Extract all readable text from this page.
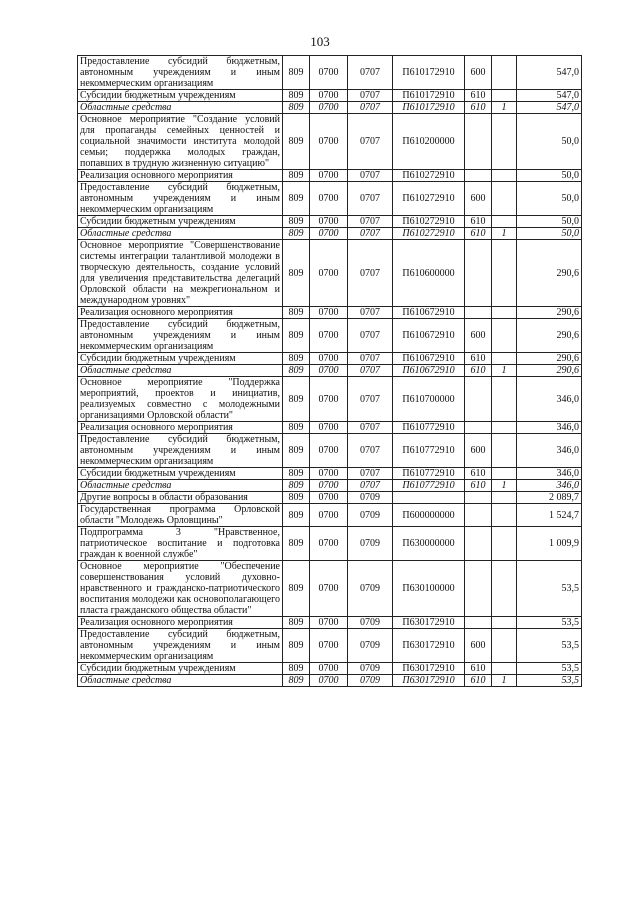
103
Предоставление субсидий бюджетным, автономным учреждениям и иным некоммерческим организациям	809	0700	0707	П610172910	600		547,0
Субсидии бюджетным учреждениям	809	0700	0707	П610172910	610		547,0
Областные средства	809	0700	0707	П610172910	610	1	547,0
Основное мероприятие "Создание условий для пропаганды семейных ценностей и социальной значимости института молодой семьи; поддержка молодых граждан, попавших в трудную жизненную ситуацию"	809	0700	0707	П610200000			50,0
Реализация основного мероприятия	809	0700	0707	П610272910			50,0
Предоставление субсидий бюджетным, автономным учреждениям и иным некоммерческим организациям	809	0700	0707	П610272910	600		50,0
Субсидии бюджетным учреждениям	809	0700	0707	П610272910	610		50,0
Областные средства	809	0700	0707	П610272910	610	1	50,0
Основное мероприятие "Совершенствование системы интеграции талантливой молодежи в творческую деятельность, создание условий для увеличения представительства делегаций Орловской области на межрегиональном и международном уровнях"	809	0700	0707	П610600000			290,6
Реализация основного мероприятия	809	0700	0707	П610672910			290,6
Предоставление субсидий бюджетным, автономным учреждениям и иным некоммерческим организациям	809	0700	0707	П610672910	600		290,6
Субсидии бюджетным учреждениям	809	0700	0707	П610672910	610		290,6
Областные средства	809	0700	0707	П610672910	610	1	290,6
Основное мероприятие "Поддержка мероприятий, проектов и инициатив, реализуемых совместно с молодежными организациями Орловской области"	809	0700	0707	П610700000			346,0
Реализация основного мероприятия	809	0700	0707	П610772910			346,0
Предоставление субсидий бюджетным, автономным учреждениям и иным некоммерческим организациям	809	0700	0707	П610772910	600		346,0
Субсидии бюджетным учреждениям	809	0700	0707	П610772910	610		346,0
Областные средства	809	0700	0707	П610772910	610	1	346,0
Другие вопросы в области образования	809	0700	0709				2 089,7
Государственная программа Орловской области "Молодежь Орловщины"	809	0700	0709	П600000000			1 524,7
Подпрограмма 3 "Нравственное, патриотическое воспитание и подготовка граждан к военной службе"	809	0700	0709	П630000000			1 009,9
Основное мероприятие "Обеспечение совершенствования условий духовно-нравственного и гражданско-патриотического воспитания молодежи как основополагающего пласта гражданского общества области"	809	0700	0709	П630100000			53,5
Реализация основного мероприятия	809	0700	0709	П630172910			53,5
Предоставление субсидий бюджетным, автономным учреждениям и иным некоммерческим организациям	809	0700	0709	П630172910	600		53,5
Субсидии бюджетным учреждениям	809	0700	0709	П630172910	610		53,5
Областные средства	809	0700	0709	П630172910	610	1	53,5
